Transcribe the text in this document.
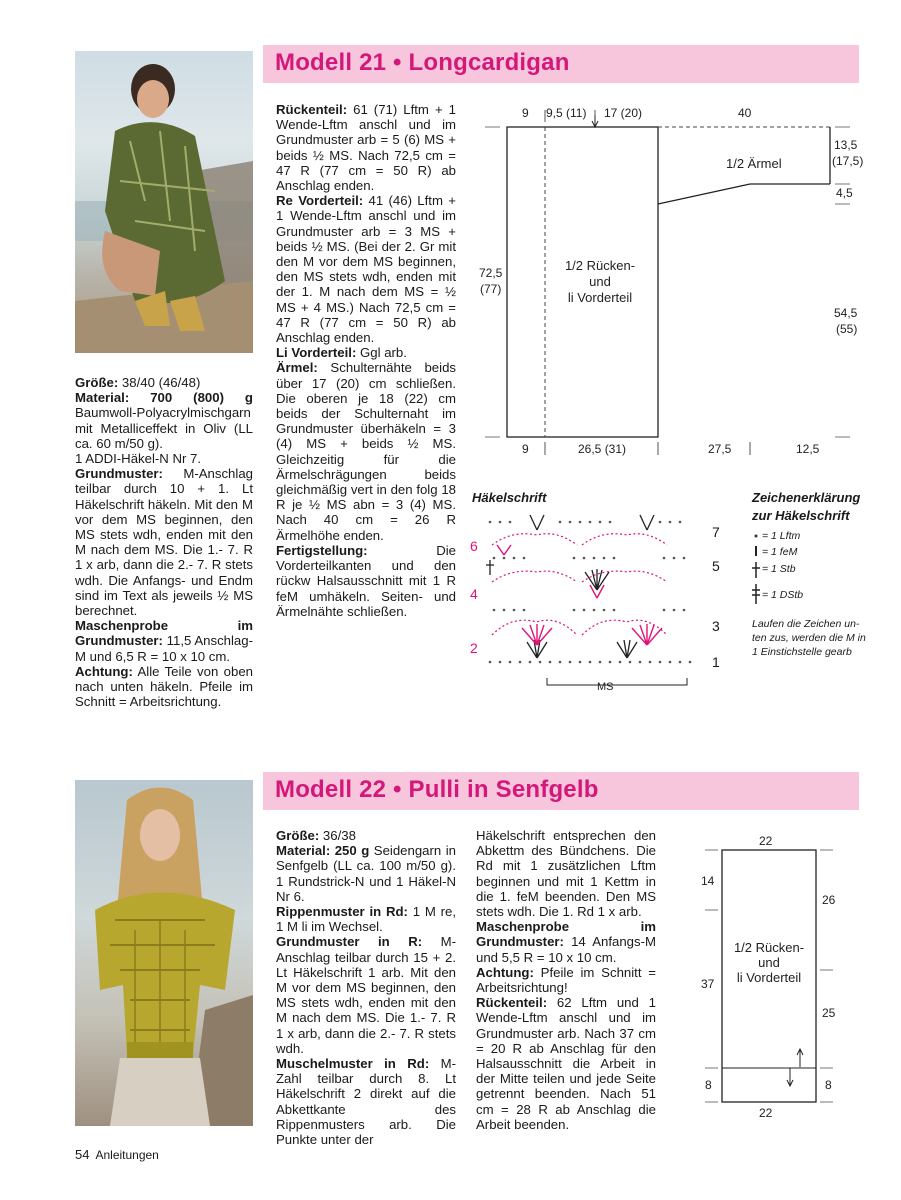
Modell 21 • Longcardigan

Größe: 38/40 (46/48)

Material: 700 (800) g Baumwoll-Polyacrylmischgarn mit Metalliceffekt in Oliv (LL ca. 60 m/50 g).

1 ADDI-Häkel-N Nr 7.

Grundmuster: M-Anschlag teilbar durch 10 + 1. Lt Häkelschrift häkeln. Mit den M vor dem MS beginnen, den MS stets wdh, enden mit den M nach dem MS. Die 1.- 7. R 1 x arb, dann die 2.- 7. R stets wdh. Die Anfangs- und Endm sind im Text als jeweils ½ MS berechnet.

Maschenprobe im Grundmuster: 11,5 Anschlag-M und 6,5 R = 10 x 10 cm.

Achtung: Alle Teile von oben nach unten häkeln. Pfeile im Schnitt = Arbeitsrichtung.

Rückenteil: 61 (71) Lftm + 1 Wende-Lftm anschl und im Grundmuster arb = 5 (6) MS + beids ½ MS. Nach 72,5 cm = 47 R (77 cm = 50 R) ab Anschlag enden.

Re Vorderteil: 41 (46) Lftm + 1 Wende-Lftm anschl und im Grundmuster arb = 3 MS + beids ½ MS. (Bei der 2. Gr mit den M vor dem MS beginnen, den MS stets wdh, enden mit der 1. M nach dem MS = ½ MS + 4 MS.) Nach 72,5 cm = 47 R (77 cm = 50 R) ab Anschlag enden.

Li Vorderteil: Ggl arb.

Ärmel: Schulternähte beids über 17 (20) cm schließen. Die oberen je 18 (22) cm beids der Schulternaht im Grundmuster überhäkeln = 3 (4) MS + beids ½ MS. Gleichzeitig für die Ärmelschrägungen beids gleichmäßig vert in den folg 18 R je ½ MS abn = 3 (4) MS. Nach 40 cm = 26 R Ärmelhöhe enden.

Fertigstellung: Die Vorderteilkanten und den rückw Halsausschnitt mit 1 R feM umhäkeln. Seiten- und Ärmelnähte schließen.

9 9,5 (11) 17 (20)	40
1/2 Ärmel
13,5
(17,5)
4,5
1/2 Rücken-
und
li Vorderteil
72,5
(77)
54,5
(55)
9	26,5 (31)	27,5	12,5
Häkelschrift
6
4
2
7
5
3
1
MS
Zeichenerklärung
zur Häkelschrift
= 1 Lftm
= 1 feM
= 1 Stb
= 1 DStb
Laufen die Zeichen un-
ten zus, werden die M in
1 Einstichstelle gearb
Modell 22 • Pulli in Senfgelb

Größe: 36/38

Material: 250 g Seidengarn in Senfgelb (LL ca. 100 m/50 g). 1 Rundstrick-N und 1 Häkel-N Nr 6.

Rippenmuster in Rd: 1 M re, 1 M li im Wechsel.

Grundmuster in R: M-Anschlag teilbar durch 15 + 2. Lt Häkelschrift 1 arb. Mit den M vor dem MS beginnen, den MS stets wdh, enden mit den M nach dem MS. Die 1.- 7. R 1 x arb, dann die 2.- 7. R stets wdh.

Muschelmuster in Rd: M-Zahl teilbar durch 8. Lt Häkelschrift 2 direkt auf die Abkettkante des Rippenmusters arb. Die Punkte unter der

Häkelschrift entsprechen den Abkettm des Bündchens. Die Rd mit 1 zusätzlichen Lftm beginnen und mit 1 Kettm in die 1. feM beenden. Den MS stets wdh. Die 1. Rd 1 x arb.

Maschenprobe im Grundmuster: 14 Anfangs-M und 5,5 R = 10 x 10 cm.

Achtung: Pfeile im Schnitt = Arbeitsrichtung!

Rückenteil: 62 Lftm und 1 Wende-Lftm anschl und im Grundmuster arb. Nach 37 cm = 20 R ab Anschlag für den Halsausschnitt die Arbeit in der Mitte teilen und jede Seite getrennt beenden. Nach 51 cm = 28 R ab Anschlag die Arbeit beenden.

22
22
14
37
8
26
25
8
1/2 Rücken-
und
li Vorderteil
54 Anleitungen
